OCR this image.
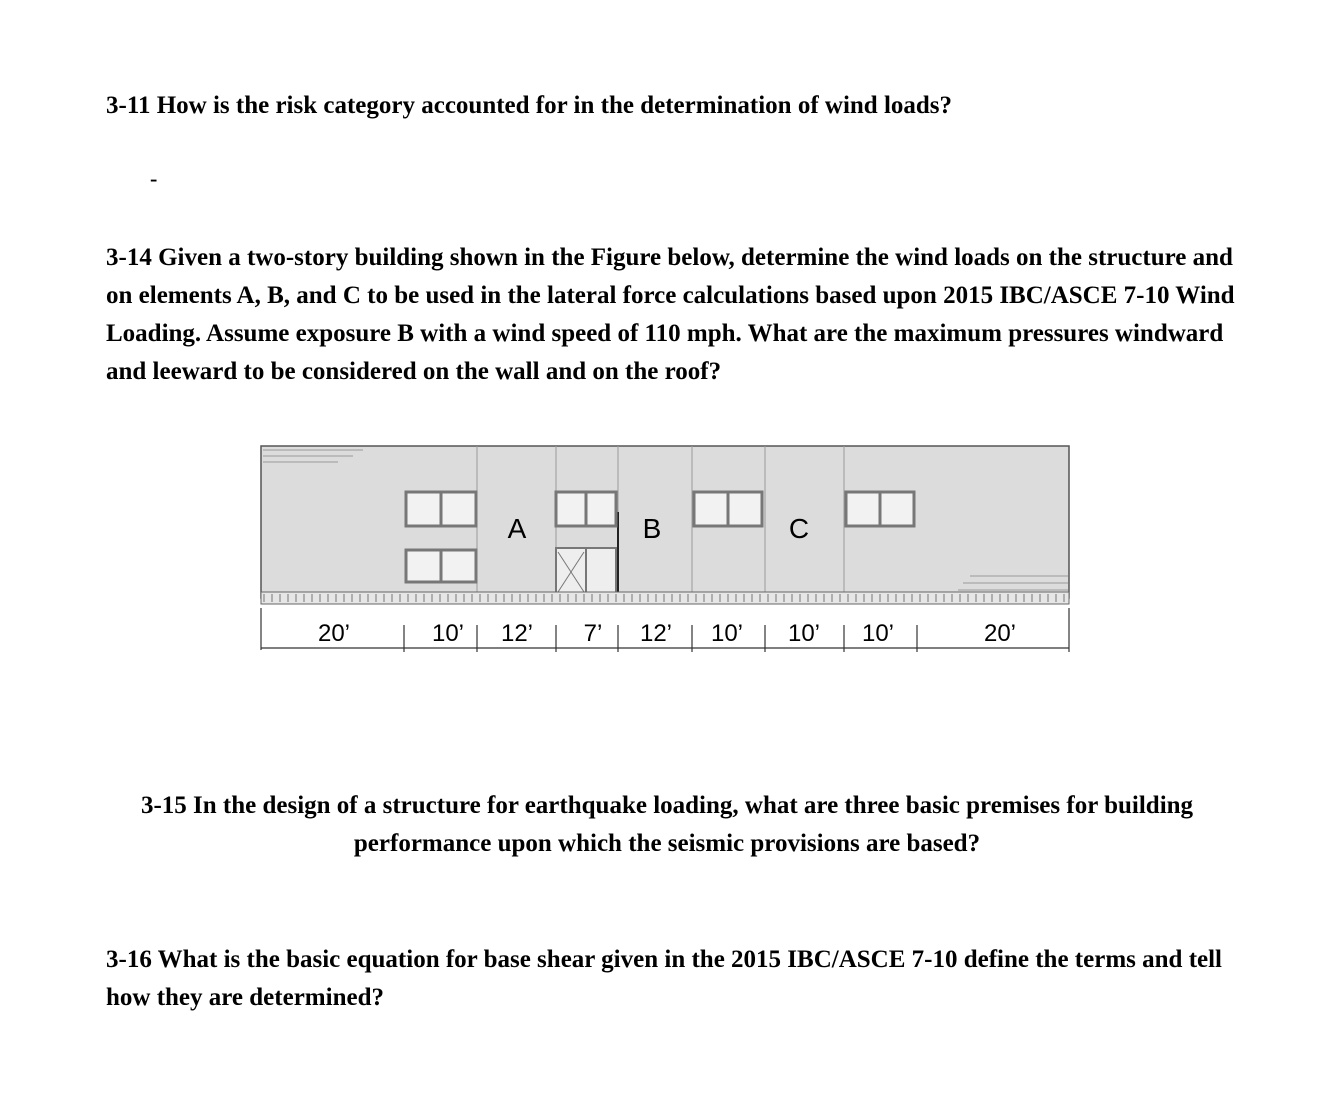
3-11 How is the risk category accounted for in the determination of wind loads?

-

3-14 Given a two-story building shown in the Figure below, determine the wind loads on the structure and on elements A, B, and C to be used in the lateral force calculations based upon 2015 IBC/ASCE 7-10 Wind Loading. Assume exposure B with a wind speed of 110 mph. What are the maximum pressures windward and leeward to be considered on the wall and on the roof?

A	B	C
20’	10’ 12’ 7’ 12’ 10’ 10’ 10’	20’

3-15 In the design of a structure for earthquake loading, what are three basic premises for building performance upon which the seismic provisions are based?

3-16 What is the basic equation for base shear given in the 2015 IBC/ASCE 7-10 define the terms and tell how they are determined?
